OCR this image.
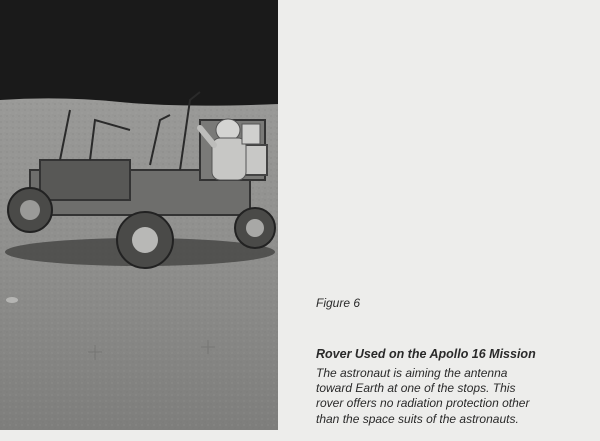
Figure 6

Rover Used on the Apollo 16 Mission

The astronaut is aiming the antenna
toward Earth at one of the stops. This
rover offers no radiation protection other
than the space suits of the astronauts.
